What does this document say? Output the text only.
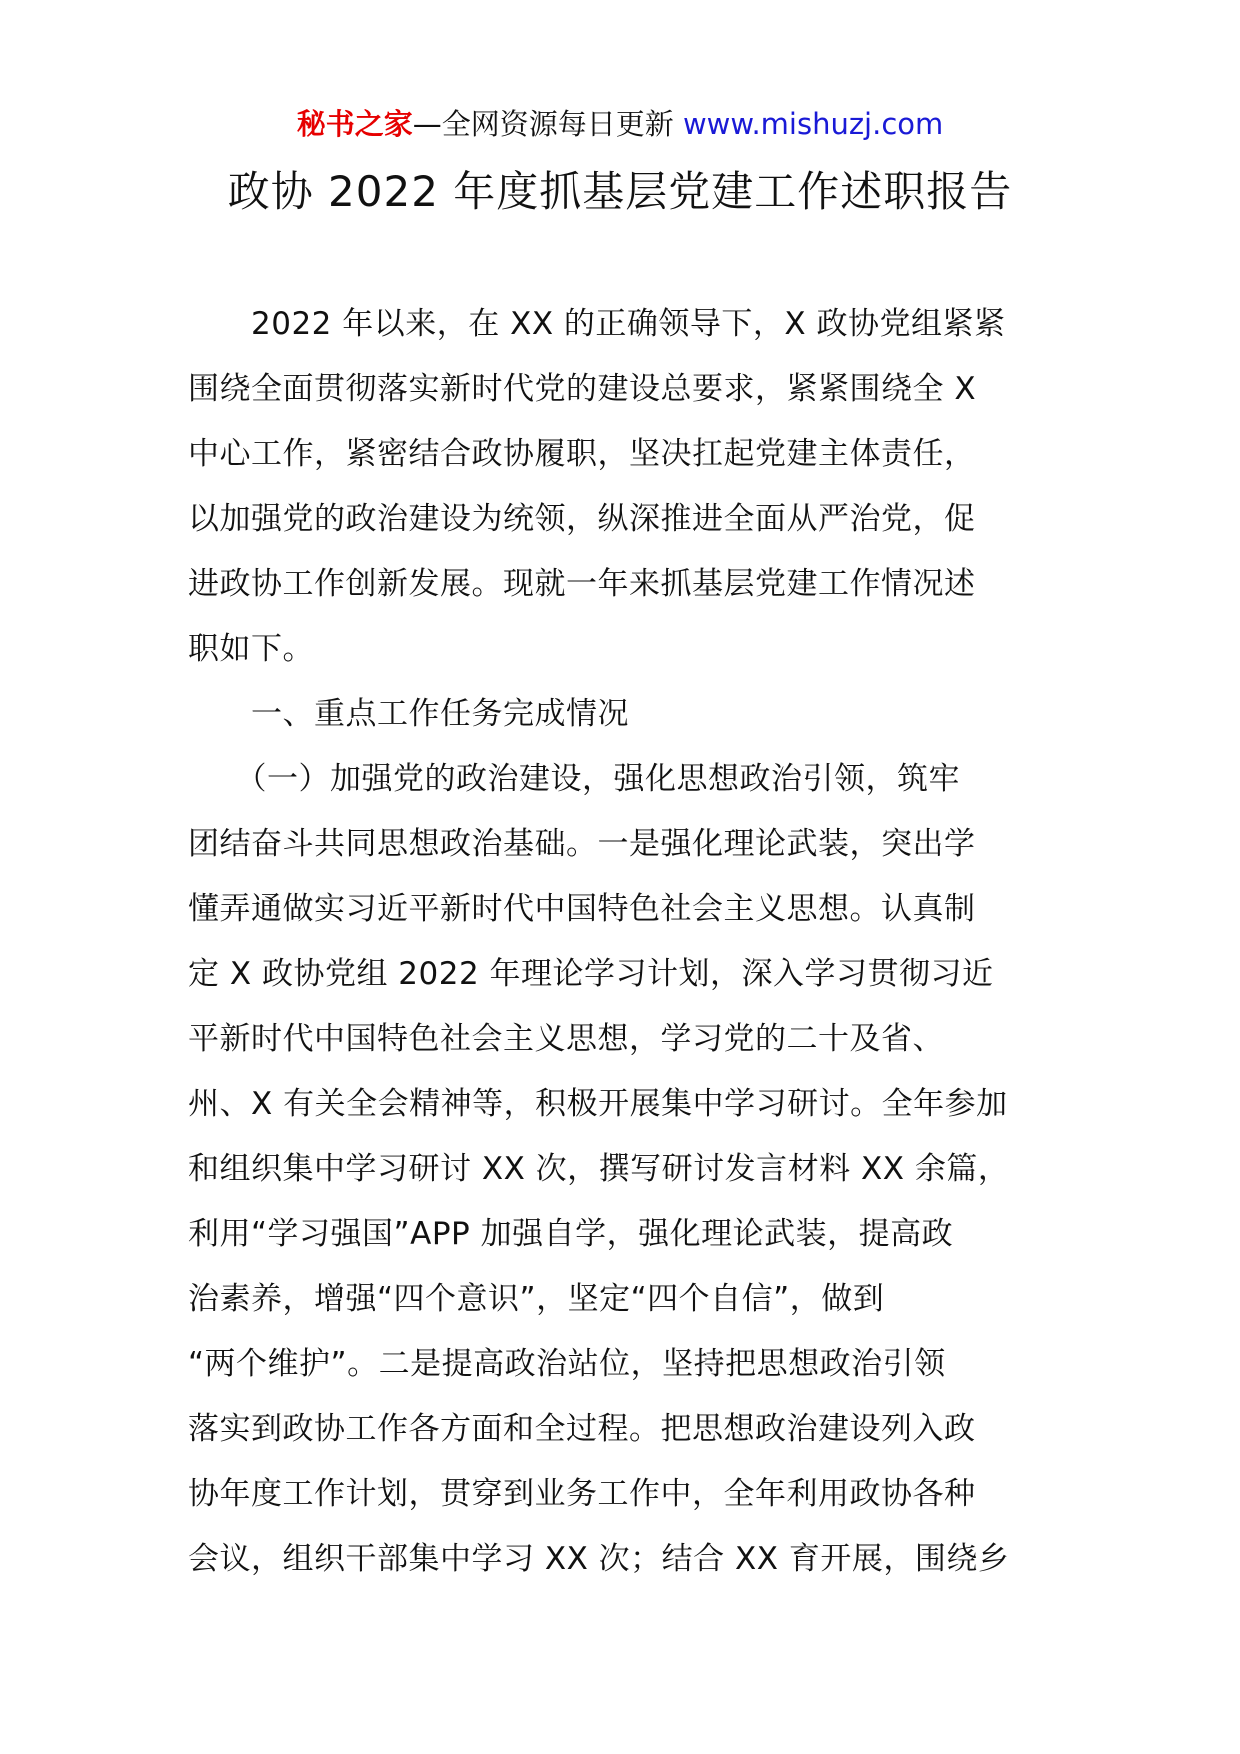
秘书之家—全网资源每日更新 www.mishuzj.com
政协 2022 年度抓基层党建工作述职报告
　　2022 年以来，在 XX 的正确领导下，X 政协党组紧紧
围绕全面贯彻落实新时代党的建设总要求，紧紧围绕全 X
中心工作，紧密结合政协履职，坚决扛起党建主体责任，
以加强党的政治建设为统领，纵深推进全面从严治党，促
进政协工作创新发展。现就一年来抓基层党建工作情况述
职如下。
　　一、重点工作任务完成情况
　　（一）加强党的政治建设，强化思想政治引领，筑牢
团结奋斗共同思想政治基础。一是强化理论武装，突出学
懂弄通做实习近平新时代中国特色社会主义思想。认真制
定 X 政协党组 2022 年理论学习计划，深入学习贯彻习近
平新时代中国特色社会主义思想，学习党的二十及省、
州、X 有关全会精神等，积极开展集中学习研讨。全年参加
和组织集中学习研讨 XX 次，撰写研讨发言材料 XX 余篇，
利用“学习强国”APP 加强自学，强化理论武装，提高政
治素养，增强“四个意识”，坚定“四个自信”，做到
“两个维护”。二是提高政治站位，坚持把思想政治引领
落实到政协工作各方面和全过程。把思想政治建设列入政
协年度工作计划，贯穿到业务工作中，全年利用政协各种
会议，组织干部集中学习 XX 次；结合 XX 育开展，围绕乡
